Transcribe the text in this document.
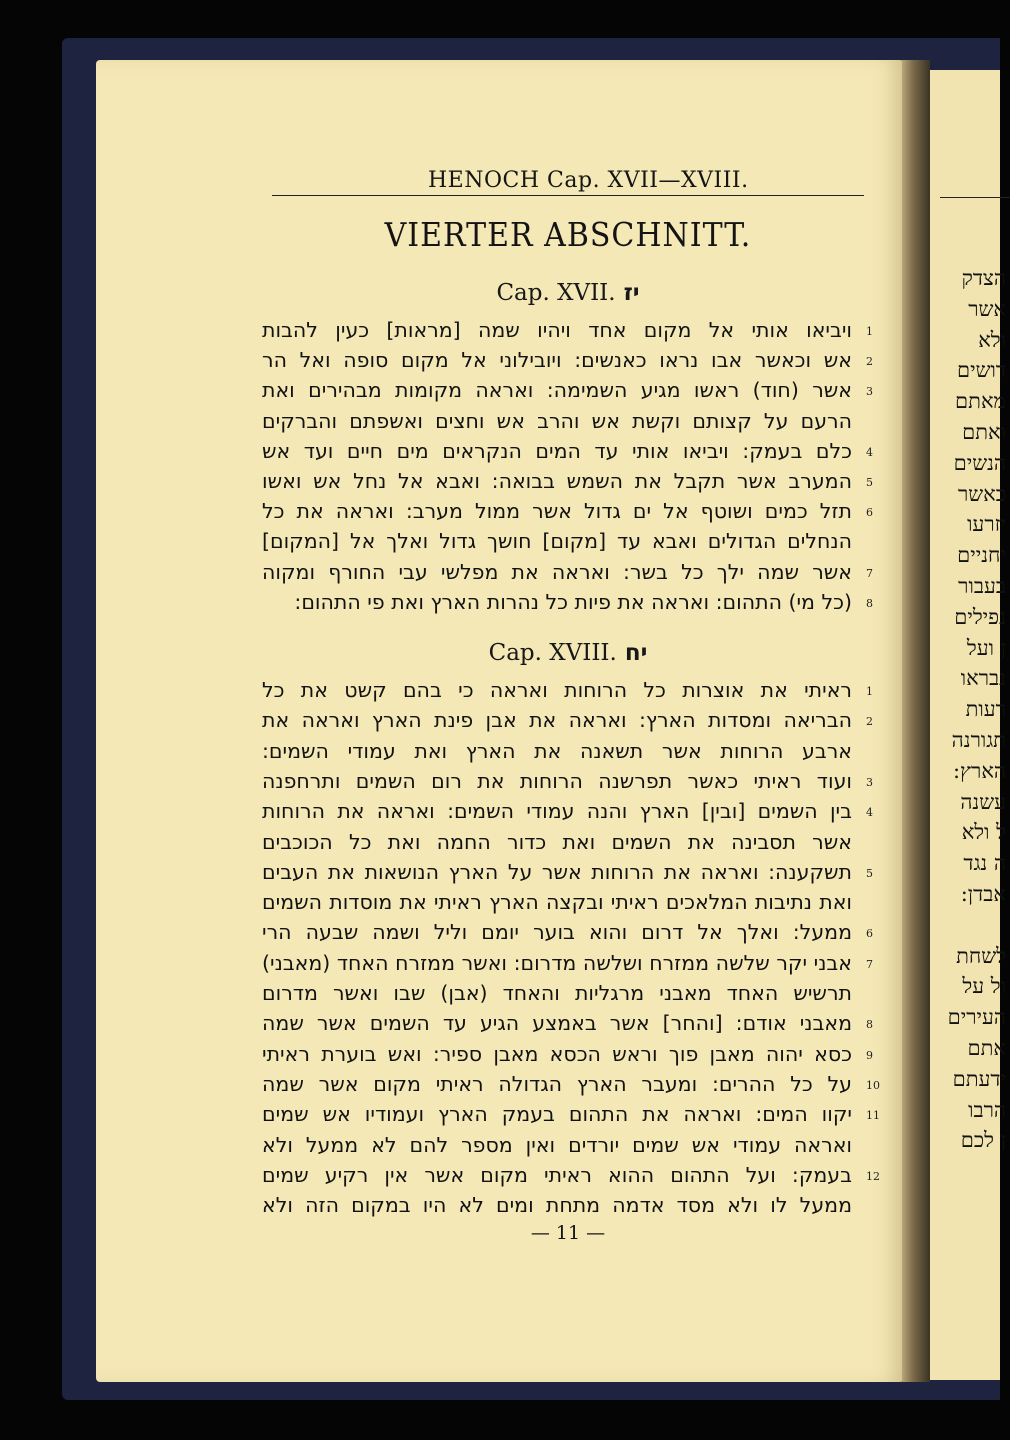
הצדק
אשר
ולא
דושים
מאתם
ואתם
הנשים
כאשר
יזרעו
יחניים
בעבור
נפילים
ן ועל
נבראו
רעות
תגורנה
הארץ:
עשנה
ל ולא
ה נגד
אבדן:
לשחת
ול על
העירים
אתם
ידעתם
הרבו
ן לכם
HENOCH Cap. XVII—XVIII.
VIERTER ABSCHNITT.
Cap. XVII. יז
ויביאו אותי אל מקום אחד ויהיו שמה [מראות] כעין להבות 1
אש וכאשר אבו נראו כאנשים: ויובילוני אל מקום סופה ואל הר 2
אשר (חוד) ראשו מגיע השמימה: ואראה מקומות מבהירים ואת 3
הרעם על קצותם וקשת אש והרב אש וחצים ואשפתם והברקים
כלם בעמק: ויביאו אותי עד המים הנקראים מים חיים ועד אש 4
המערב אשר תקבל את השמש בבואה: ואבא אל נחל אש ואשו 5
תזל כמים ושוטף אל ים גדול אשר ממול מערב: ואראה את כל 6
הנחלים הגדולים ואבא עד [מקום] חושך גדול ואלך אל [המקום]
אשר שמה ילך כל בשר: ואראה את מפלשי עבי החורף ומקוה 7
(כל מי) התהום: ואראה את פיות כל נהרות הארץ ואת פי התהום: 8
Cap. XVIII. יח
ראיתי את אוצרות כל הרוחות ואראה כי בהם קשט את כל 1
הבריאה ומסדות הארץ: ואראה את אבן פינת הארץ ואראה את 2
ארבע הרוחות אשר תשאנה את הארץ ואת עמודי השמים:
ועוד ראיתי כאשר תפרשנה הרוחות את רום השמים ותרחפנה 3
בין השמים [ובין] הארץ והנה עמודי השמים: ואראה את הרוחות 4
אשר תסבינה את השמים ואת כדור החמה ואת כל הכוכבים
תשקענה: ואראה את הרוחות אשר על הארץ הנושאות את העבים 5
ואת נתיבות המלאכים ראיתי ובקצה הארץ ראיתי את מוסדות השמים
ממעל: ואלך אל דרום והוא בוער יומם וליל ושמה שבעה הרי 6
אבני יקר שלשה ממזרח ושלשה מדרום: ואשר ממזרח האחד (מאבני) 7
תרשיש האחד מאבני מרגליות והאחד (אבן) שבו ואשר מדרום
מאבני אודם: [והחר] אשר באמצע הגיע עד השמים אשר שמה 8
כסא יהוה מאבן פוך וראש הכסא מאבן ספיר: ואש בוערת ראיתי 9
על כל ההרים: ומעבר הארץ הגדולה ראיתי מקום אשר שמה 10
יקוו המים: ואראה את התהום בעמק הארץ ועמודיו אש שמים 11
ואראה עמודי אש שמים יורדים ואין מספר להם לא ממעל ולא
בעמק: ועל התהום ההוא ראיתי מקום אשר אין רקיע שמים 12
ממעל לו ולא מסד אדמה מתחת ומים לא היו במקום הזה ולא
— 11 —
